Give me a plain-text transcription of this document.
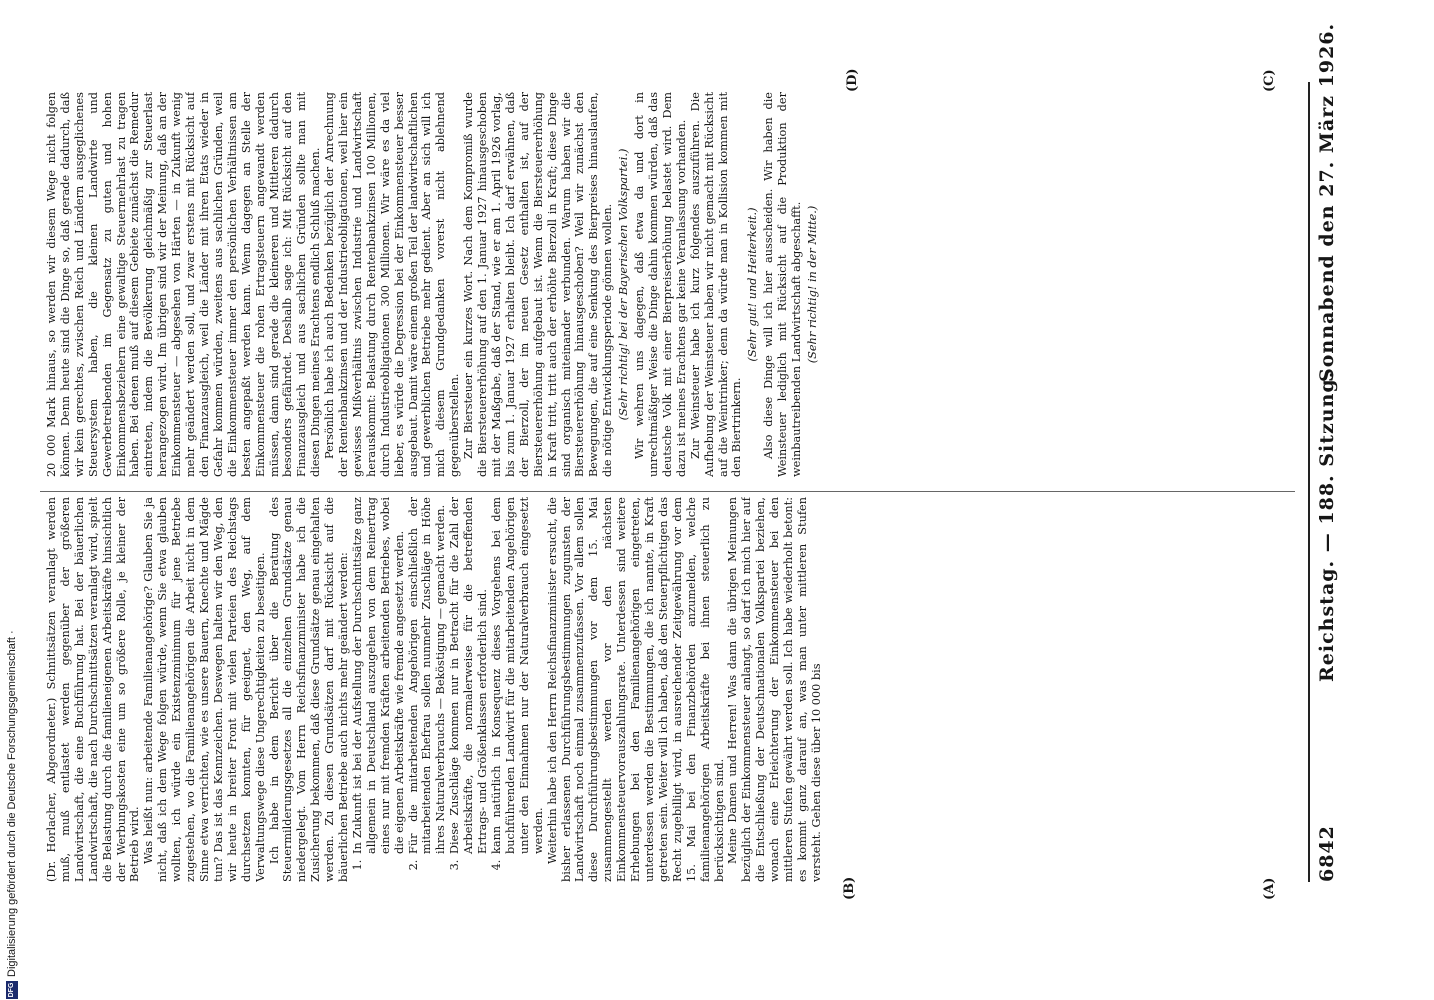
DFG
Digitalisierung gefördert durch die Deutsche Forschungsgemeinschaft ·	6842
Reichstag. — 188. Sitzung.
Sonnabend den 27. März 1926.
(A)
(B)
(C)
(D)

(Dr. Horlacher, Abgeordneter.) Schnittsätzen veranlagt werden muß, muß entlastet werden gegenüber der größeren Landwirtschaft, die eine Buchführung hat. Bei der bäuerlichen Landwirtschaft, die nach Durchschnittsätzen veranlagt wird, spielt die Belastung durch die familieneigenen Arbeitskräfte hinsichtlich der Werbungskosten eine um so größere Rolle, je kleiner der Betrieb wird. Was heißt nun: arbeitende Familienangehörige? Glauben Sie ja nicht, daß ich dem Wege folgen würde, wenn Sie etwa glauben wollten, ich würde ein Existenzminimum für jene Betriebe zugestehen, wo die Familienangehörigen die Arbeit nicht in dem Sinne etwa verrichten, wie es unsere Bauern, Knechte und Mägde tun? Das ist das Kennzeichen. Deswegen halten wir den Weg, den wir heute in breiter Front mit vielen Parteien des Reichstags durchsetzen konnten, für geeignet, den Weg, auf dem Verwaltungswege diese Ungerechtigkeiten zu beseitigen. Ich habe in dem Bericht über die Beratung des Steuermilderungsgesetzes all die einzelnen Grundsätze genau niedergelegt. Vom Herrn Reichsfinanzminister habe ich die Zusicherung bekommen, daß diese Grundsätze genau eingehalten werden. Zu diesen Grundsätzen darf mit Rücksicht auf die bäuerlichen Betriebe auch nichts mehr geändert werden: 1. In Zukunft ist bei der Aufstellung der Durchschnittsätze ganz allgemein in Deutschland auszugehen von dem Reinertrag eines nur mit fremden Kräften arbeitenden Betriebes, wobei die eigenen Arbeitskräfte wie fremde angesetzt werden. 2. Für die mitarbeitenden Angehörigen einschließlich der mitarbeitenden Ehefrau sollen nunmehr Zuschläge in Höhe ihres Naturalverbrauchs — Beköstigung — gemacht werden. 3. Diese Zuschläge kommen nur in Betracht für die Zahl der Arbeitskräfte, die normalerweise für die betreffenden Ertrags- und Größenklassen erforderlich sind. 4. kann natürlich in Konsequenz dieses Vorgehens bei dem buchführenden Landwirt für die mitarbeitenden Angehörigen unter den Einnahmen nur der Naturalverbrauch eingesetzt werden. Weiterhin habe ich den Herrn Reichsfinanzminister ersucht, die bisher erlassenen Durchführungsbestimmungen zugunsten der Landwirtschaft noch einmal zusammenzufassen. Vor allem sollen diese Durchführungsbestimmungen vor dem 15. Mai zusammengestellt werden vor den nächsten Einkommensteuervorauszahlungsrate. Unterdessen sind weitere Erhebungen bei den Familienangehörigen eingetreten, unterdessen werden die Bestimmungen, die ich nannte, in Kraft getreten sein. Weiter will ich haben, daß den Steuerpflichtigen das Recht zugebilligt wird, in ausreichender Zeitgewährung vor dem 15. Mai bei den Finanzbehörden anzumelden, welche familienangehörigen Arbeitskräfte bei ihnen steuerlich zu berücksichtigen sind. Meine Damen und Herren! Was dann die übrigen Meinungen bezüglich der Einkommensteuer anlangt, so darf ich mich hier auf die Entschließung der Deutschnationalen Volkspartei beziehen, wonach eine Erleichterung der Einkommensteuer bei den mittleren Stufen gewährt werden soll. Ich habe wiederholt betont: es kommt ganz darauf an, was man unter mittleren Stufen versteht. Gehen diese über 10 000 bis

20 000 Mark hinaus, so werden wir diesem Wege nicht folgen können. Denn heute sind die Dinge so, daß gerade dadurch, daß wir kein gerechtes, zwischen Reich und Ländern ausgeglichenes Steuersystem haben, die kleinen Landwirte und Gewerbetreibenden im Gegensatz zu guten und hohen Einkommensbeziehern eine gewaltige Steuermehrlast zu tragen haben. Bei denen muß auf diesem Gebiete zunächst die Remedur eintreten, indem die Bevölkerung gleichmäßig zur Steuerlast herangezogen wird. Im übrigen sind wir der Meinung, daß an der Einkommensteuer — abgesehen von Härten — in Zukunft wenig mehr geändert werden soll, und zwar erstens mit Rücksicht auf den Finanzausgleich, weil die Länder mit ihren Etats wieder in Gefahr kommen würden, zweitens aus sachlichen Gründen, weil die Einkommensteuer immer den persönlichen Verhältnissen am besten angepaßt werden kann. Wenn dagegen an Stelle der Einkommensteuer die rohen Ertragsteuern angewandt werden müssen, dann sind gerade die kleineren und Mittleren dadurch besonders gefährdet. Deshalb sage ich: Mit Rücksicht auf den Finanzausgleich und aus sachlichen Gründen sollte man mit diesen Dingen meines Erachtens endlich Schluß machen. Persönlich habe ich auch Bedenken bezüglich der Anrechnung der Rentenbankzinsen und der Industrieobligationen, weil hier ein gewisses Mißverhältnis zwischen Industrie und Landwirtschaft herauskommt: Belastung durch Rentenbankzinsen 100 Millionen, durch Industrieobligationen 300 Millionen. Wir wäre es da viel lieber, es würde die Degression bei der Einkommensteuer besser ausgebaut. Damit wäre einem großen Teil der landwirtschaftlichen und gewerblichen Betriebe mehr gedient. Aber an sich will ich mich diesem Grundgedanken vorerst nicht ablehnend gegenüberstellen. Zur Biersteuer ein kurzes Wort. Nach dem Kompromiß wurde die Biersteuererhöhung auf den 1. Januar 1927 hinausgeschoben mit der Maßgabe, daß der Stand, wie er am 1. April 1926 vorlag, bis zum 1. Januar 1927 erhalten bleibt. Ich darf erwähnen, daß der Bierzoll, der im neuen Gesetz enthalten ist, auf der Biersteuererhöhung aufgebaut ist. Wenn die Biersteuererhöhung in Kraft tritt, tritt auch der erhöhte Bierzoll in Kraft; diese Dinge sind organisch miteinander verbunden. Warum haben wir die Biersteuererhöhung hinausgeschoben? Weil wir zunächst den Bewegungen, die auf eine Senkung des Bierpreises hinauslaufen, die nötige Entwicklungsperiode gönnen wollen. (Sehr richtig! bei der Bayerischen Volkspartei.) Wir wehren uns dagegen, daß etwa da und dort in unrechtmäßiger Weise die Dinge dahin kommen würden, daß das deutsche Volk mit einer Bierpreiserhöhung belastet wird. Dem dazu ist meines Erachtens gar keine Veranlassung vorhanden. Zur Weinsteuer habe ich kurz folgendes auszuführen. Die Aufhebung der Weinsteuer haben wir nicht gemacht mit Rücksicht auf die Weintrinker; denn da würde man in Kollision kommen mit den Biertrinkern.

(Sehr gut! und Heiterkeit.) Also diese Dinge will ich hier ausscheiden. Wir haben die Weinsteuer lediglich mit Rücksicht auf die Produktion der weinbautreibenden Landwirtschaft abgeschafft. (Sehr richtig! in der Mitte.)
